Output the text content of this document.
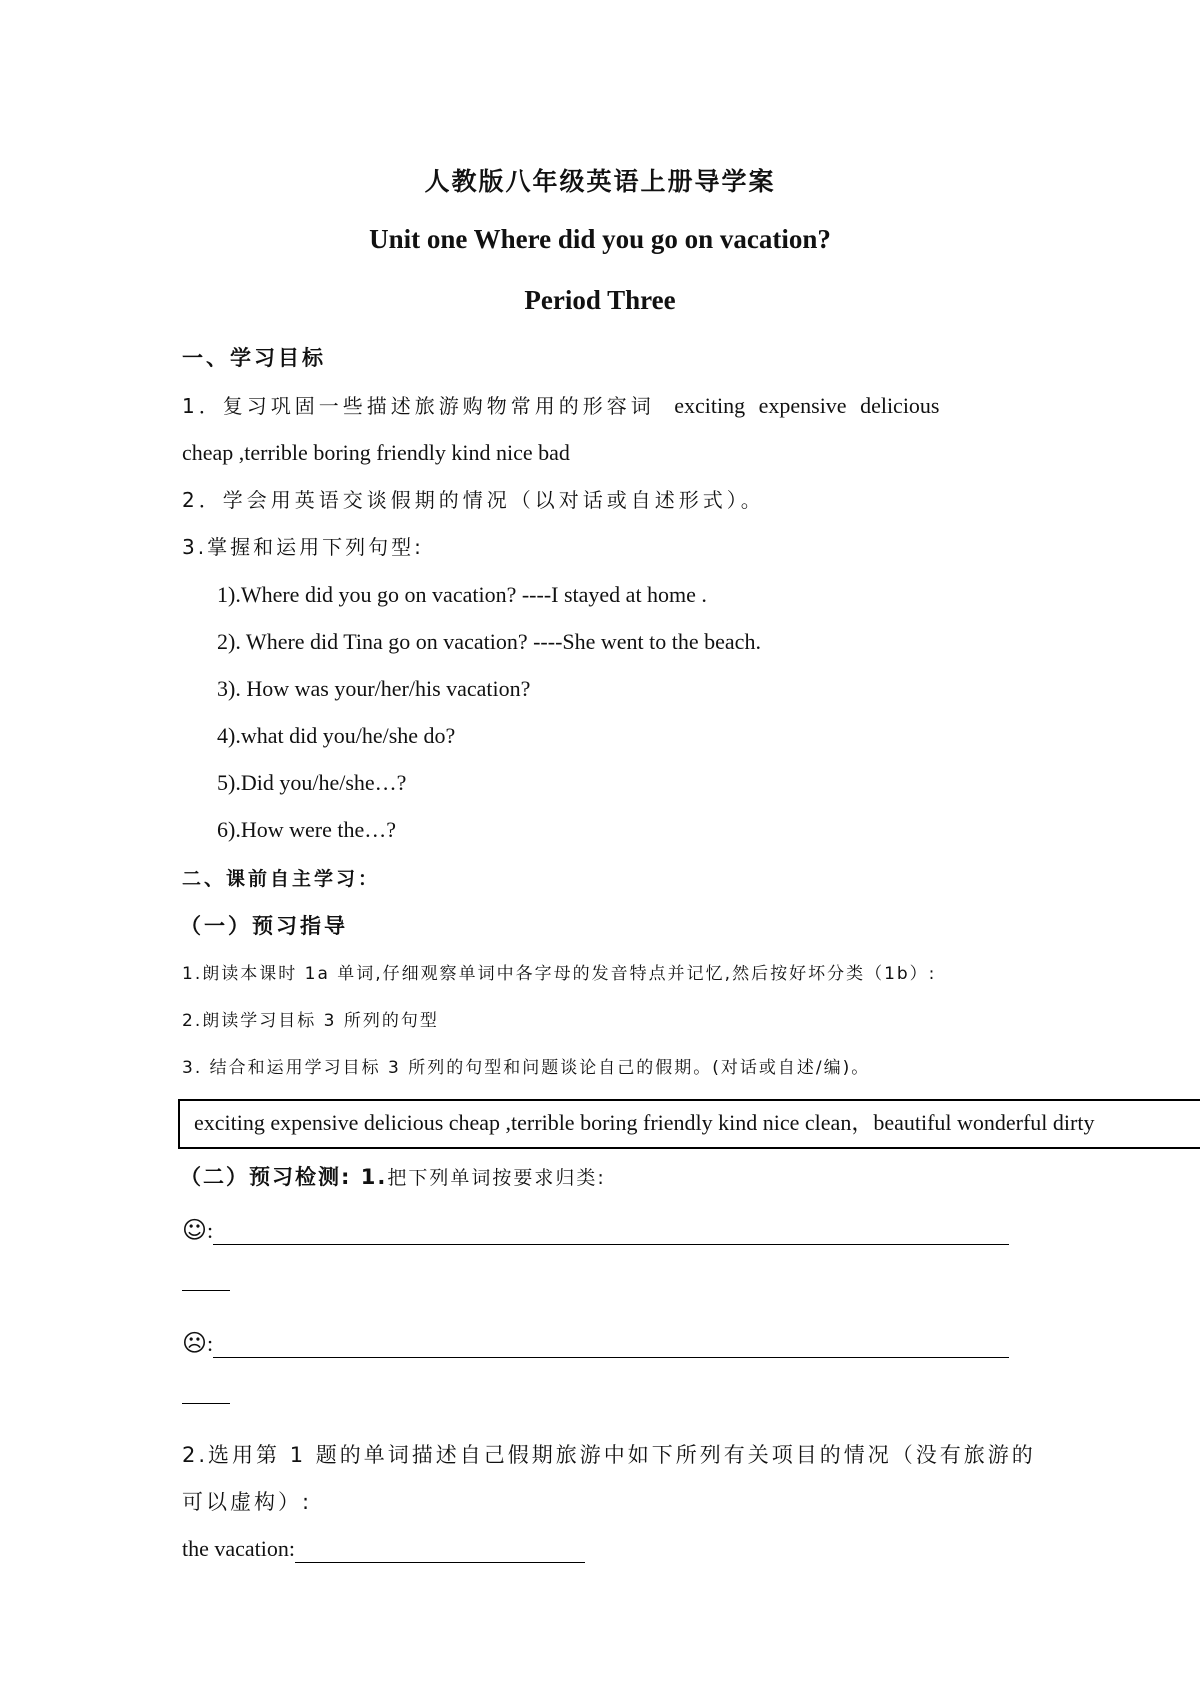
人教版八年级英语上册导学案
Unit one Where did you go on vacation?
Period Three
一、学习目标
1．复习巩固一些描述旅游购物常用的形容词 exciting expensive delicious
cheap ,terrible boring friendly kind nice bad
2．学会用英语交谈假期的情况（以对话或自述形式）。
3.掌握和运用下列句型:
1).Where did you go on vacation? ----I stayed at home .
2). Where did Tina go on vacation? ----She went to the beach.
3). How was your/her/his vacation?
4).what did you/he/she do?
5).Did you/he/she…?
6).How were the…?
二、课前自主学习：
（一）预习指导
1.朗读本课时 1a 单词,仔细观察单词中各字母的发音特点并记忆,然后按好坏分类（1b）:
2.朗读学习目标 3 所列的句型
3. 结合和运用学习目标 3 所列的句型和问题谈论自己的假期。(对话或自述/编)。
exciting expensive delicious cheap ,terrible boring friendly kind nice clean，beautiful wonderful dirty
（二）预习检测: 1.把下列单词按要求归类:
☺:
☹:
2.选用第 1 题的单词描述自己假期旅游中如下所列有关项目的情况（没有旅游的
可以虚构）:
the vacation:
